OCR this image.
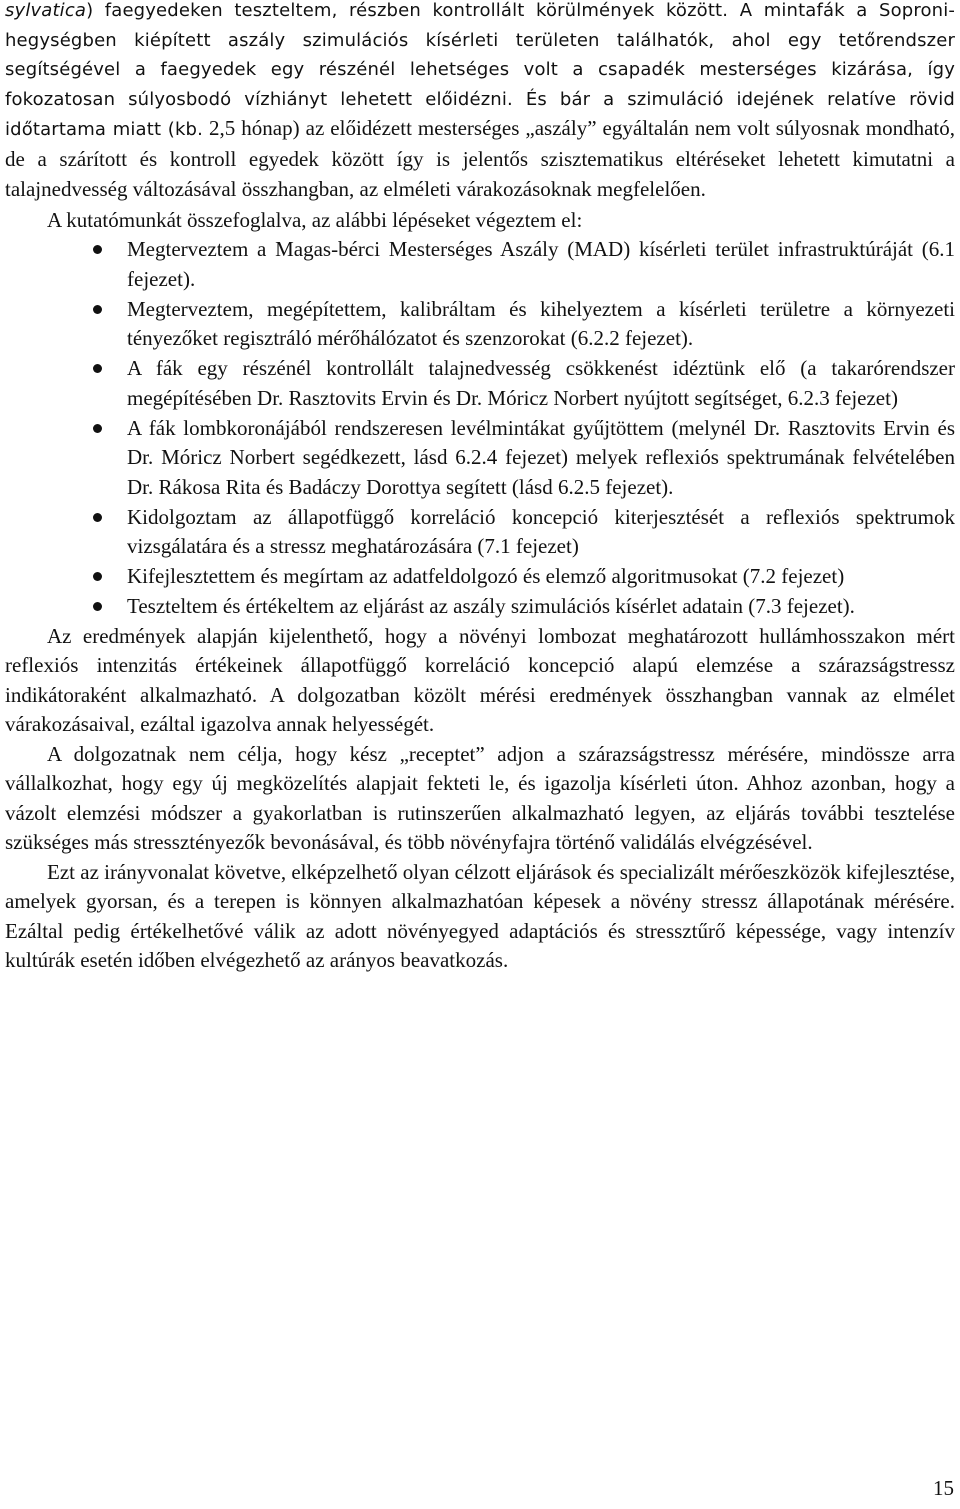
sylvatica) faegyedeken teszteltem, részben kontrollált körülmények között. A mintafák a Soproni-hegységben kiépített aszály szimulációs kísérleti területen találhatók, ahol egy tetőrendszer segítségével a faegyedek egy részénél lehetséges volt a csapadék mesterséges kizárása, így fokozatosan súlyosbodó vízhiányt lehetett előidézni. És bár a szimuláció idejének relatíve rövid időtartama miatt (kb. 2,5 hónap) az előidézett mesterséges „aszály” egyáltalán nem volt súlyosnak mondható, de a szárított és kontroll egyedek között így is jelentős szisztematikus eltéréseket lehetett kimutatni a talajnedvesség változásával összhangban, az elméleti várakozásoknak megfelelően.

A kutatómunkát összefoglalva, az alábbi lépéseket végeztem el:

Megterveztem a Magas-bérci Mesterséges Aszály (MAD) kísérleti terület infrastruktúráját (6.1 fejezet).
Megterveztem, megépítettem, kalibráltam és kihelyeztem a kísérleti területre a környezeti tényezőket regisztráló mérőhálózatot és szenzorokat (6.2.2 fejezet).
A fák egy részénél kontrollált talajnedvesség csökkenést idéztünk elő (a takarórendszer megépítésében Dr. Rasztovits Ervin és Dr. Móricz Norbert nyújtott segítséget, 6.2.3 fejezet)
A fák lombkoronájából rendszeresen levélmintákat gyűjtöttem (melynél Dr. Rasztovits Ervin és Dr. Móricz Norbert segédkezett, lásd 6.2.4 fejezet) melyek reflexiós spektrumának felvételében Dr. Rákosa Rita és Badáczy Dorottya segített (lásd 6.2.5 fejezet).
Kidolgoztam az állapotfüggő korreláció koncepció kiterjesztését a reflexiós spektrumok vizsgálatára és a stressz meghatározására (7.1 fejezet)
Kifejlesztettem és megírtam az adatfeldolgozó és elemző algoritmusokat (7.2 fejezet)
Teszteltem és értékeltem az eljárást az aszály szimulációs kísérlet adatain (7.3 fejezet).

Az eredmények alapján kijelenthető, hogy a növényi lombozat meghatározott hullámhosszakon mért reflexiós intenzitás értékeinek állapotfüggő korreláció koncepció alapú elemzése a szárazságstressz indikátoraként alkalmazható. A dolgozatban közölt mérési eredmények összhangban vannak az elmélet várakozásaival, ezáltal igazolva annak helyességét.

A dolgozatnak nem célja, hogy kész „receptet” adjon a szárazságstressz mérésére, mindössze arra vállalkozhat, hogy egy új megközelítés alapjait fekteti le, és igazolja kísérleti úton. Ahhoz azonban, hogy a vázolt elemzési módszer a gyakorlatban is rutinszerűen alkalmazható legyen, az eljárás további tesztelése szükséges más stressztényezők bevonásával, és több növényfajra történő validálás elvégzésével.

Ezt az irányvonalat követve, elképzelhető olyan célzott eljárások és specializált mérőeszközök kifejlesztése, amelyek gyorsan, és a terepen is könnyen alkalmazhatóan képesek a növény stressz állapotának mérésére. Ezáltal pedig értékelhetővé válik az adott növényegyed adaptációs és stressztűrő képessége, vagy intenzív kultúrák esetén időben elvégezhető az arányos beavatkozás.

15
